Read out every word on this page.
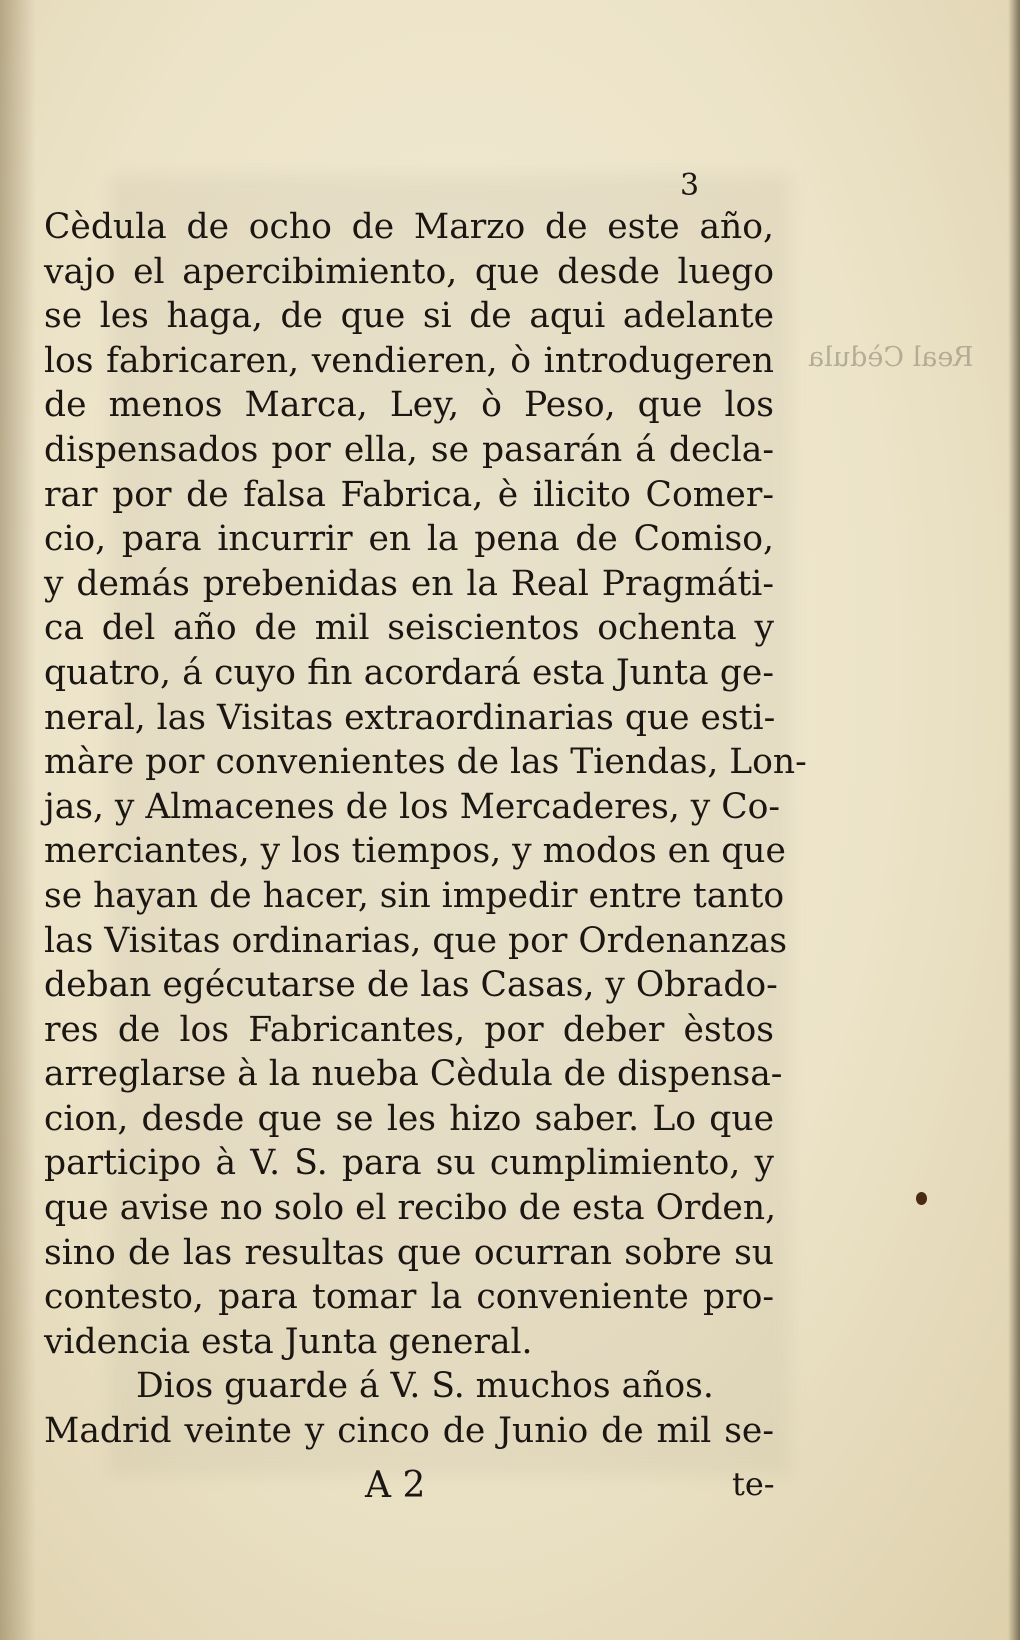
3
Cèdula de ocho de Marzo de este año,
vajo el apercibimiento, que desde luego
se les haga, de que si de aqui adelante
los fabricaren, vendieren, ò introdugeren
de menos Marca, Ley, ò Peso, que los
dispensados por ella, se pasarán á decla-
rar por de falsa Fabrica, è ilicito Comer-
cio, para incurrir en la pena de Comiso,
y demás prebenidas en la Real Pragmáti-
ca del año de mil seiscientos ochenta y
quatro, á cuyo fin acordará esta Junta ge-
neral, las Visitas extraordinarias que esti-
màre por convenientes de las Tiendas, Lon-
jas, y Almacenes de los Mercaderes, y Co-
merciantes, y los tiempos, y modos en que
se hayan de hacer, sin impedir entre tanto
las Visitas ordinarias, que por Ordenanzas
deban egécutarse de las Casas, y Obrado-
res de los Fabricantes, por deber èstos
arreglarse à la nueba Cèdula de dispensa-
cion, desde que se les hizo saber. Lo que
participo à V. S. para su cumplimiento, y
que avise no solo el recibo de esta Orden,
sino de las resultas que ocurran sobre su
contesto, para tomar la conveniente pro-
videncia esta Junta general.
Dios guarde á V. S. muchos años.
Madrid veinte y cinco de Junio de mil se-
Real Cèdula
A 2	te-
